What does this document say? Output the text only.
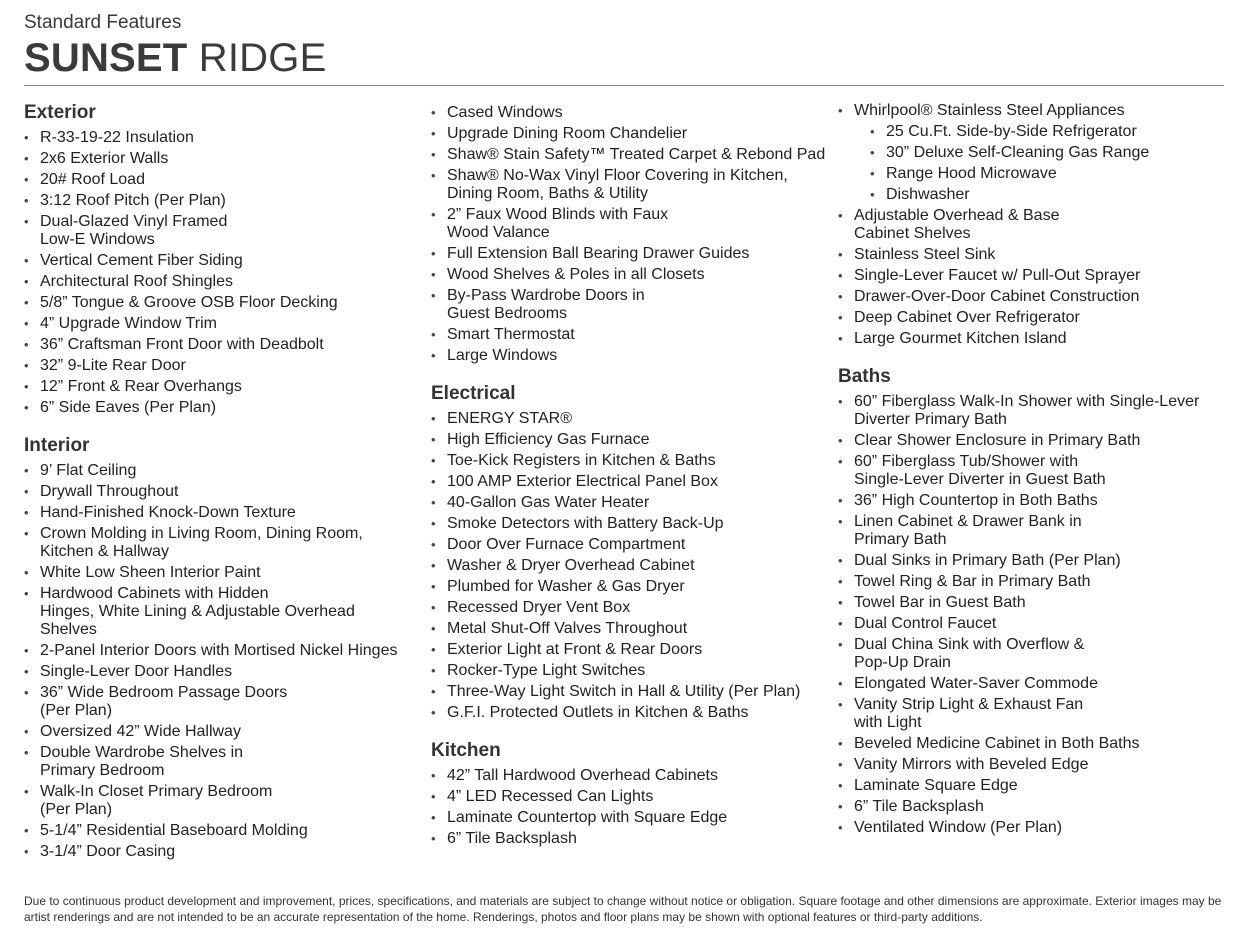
Standard Features
SUNSET RIDGE
Exterior
• R-33-19-22 Insulation
• 2x6 Exterior Walls
• 20# Roof Load
• 3:12 Roof Pitch (Per Plan)
• Dual-Glazed Vinyl Framed
Low-E Windows
• Vertical Cement Fiber Siding
• Architectural Roof Shingles
• 5/8” Tongue & Groove OSB Floor Decking
• 4” Upgrade Window Trim
• 36” Craftsman Front Door with Deadbolt
• 32” 9-Lite Rear Door
• 12” Front & Rear Overhangs
• 6” Side Eaves (Per Plan)
Interior
• 9’ Flat Ceiling
• Drywall Throughout
• Hand-Finished Knock-Down Texture
• Crown Molding in Living Room, Dining Room,
Kitchen & Hallway
• White Low Sheen Interior Paint
• Hardwood Cabinets with Hidden
Hinges, White Lining & Adjustable Overhead
Shelves
• 2-Panel Interior Doors with Mortised Nickel Hinges
• Single-Lever Door Handles
• 36” Wide Bedroom Passage Doors
(Per Plan)
• Oversized 42” Wide Hallway
• Double Wardrobe Shelves in
Primary Bedroom
• Walk-In Closet Primary Bedroom
(Per Plan)
• 5-1/4” Residential Baseboard Molding
• 3-1/4” Door Casing
• Cased Windows
• Upgrade Dining Room Chandelier
• Shaw® Stain Safety™ Treated Carpet & Rebond Pad
• Shaw® No-Wax Vinyl Floor Covering in Kitchen,
Dining Room, Baths & Utility
• 2” Faux Wood Blinds with Faux
Wood Valance
• Full Extension Ball Bearing Drawer Guides
• Wood Shelves & Poles in all Closets
• By-Pass Wardrobe Doors in
Guest Bedrooms
• Smart Thermostat
• Large Windows
Electrical
• ENERGY STAR®
• High Efficiency Gas Furnace
• Toe-Kick Registers in Kitchen & Baths
• 100 AMP Exterior Electrical Panel Box
• 40-Gallon Gas Water Heater
• Smoke Detectors with Battery Back-Up
• Door Over Furnace Compartment
• Washer & Dryer Overhead Cabinet
• Plumbed for Washer & Gas Dryer
• Recessed Dryer Vent Box
• Metal Shut-Off Valves Throughout
• Exterior Light at Front & Rear Doors
• Rocker-Type Light Switches
• Three-Way Light Switch in Hall & Utility (Per Plan)
• G.F.I. Protected Outlets in Kitchen & Baths
Kitchen
• 42” Tall Hardwood Overhead Cabinets
• 4” LED Recessed Can Lights
• Laminate Countertop with Square Edge
• 6” Tile Backsplash
• Whirlpool® Stainless Steel Appliances
• 25 Cu.Ft. Side-by-Side Refrigerator
• 30” Deluxe Self-Cleaning Gas Range
• Range Hood Microwave
• Dishwasher
• Adjustable Overhead & Base
Cabinet Shelves
• Stainless Steel Sink
• Single-Lever Faucet w/ Pull-Out Sprayer
• Drawer-Over-Door Cabinet Construction
• Deep Cabinet Over Refrigerator
• Large Gourmet Kitchen Island
Baths
• 60” Fiberglass Walk-In Shower with Single-Lever
Diverter Primary Bath
• Clear Shower Enclosure in Primary Bath
• 60” Fiberglass Tub/Shower with
Single-Lever Diverter in Guest Bath
• 36” High Countertop in Both Baths
• Linen Cabinet & Drawer Bank in
Primary Bath
• Dual Sinks in Primary Bath (Per Plan)
• Towel Ring & Bar in Primary Bath
• Towel Bar in Guest Bath
• Dual Control Faucet
• Dual China Sink with Overflow &
Pop-Up Drain
• Elongated Water-Saver Commode
• Vanity Strip Light & Exhaust Fan
with Light
• Beveled Medicine Cabinet in Both Baths
• Vanity Mirrors with Beveled Edge
• Laminate Square Edge
• 6” Tile Backsplash
• Ventilated Window (Per Plan)
Due to continuous product development and improvement, prices, specifications, and materials are subject to change without notice or obligation. Square footage and other dimensions are approximate. Exterior images may be artist renderings and are not intended to be an accurate representation of the home. Renderings, photos and floor plans may be shown with optional features or third-party additions.
